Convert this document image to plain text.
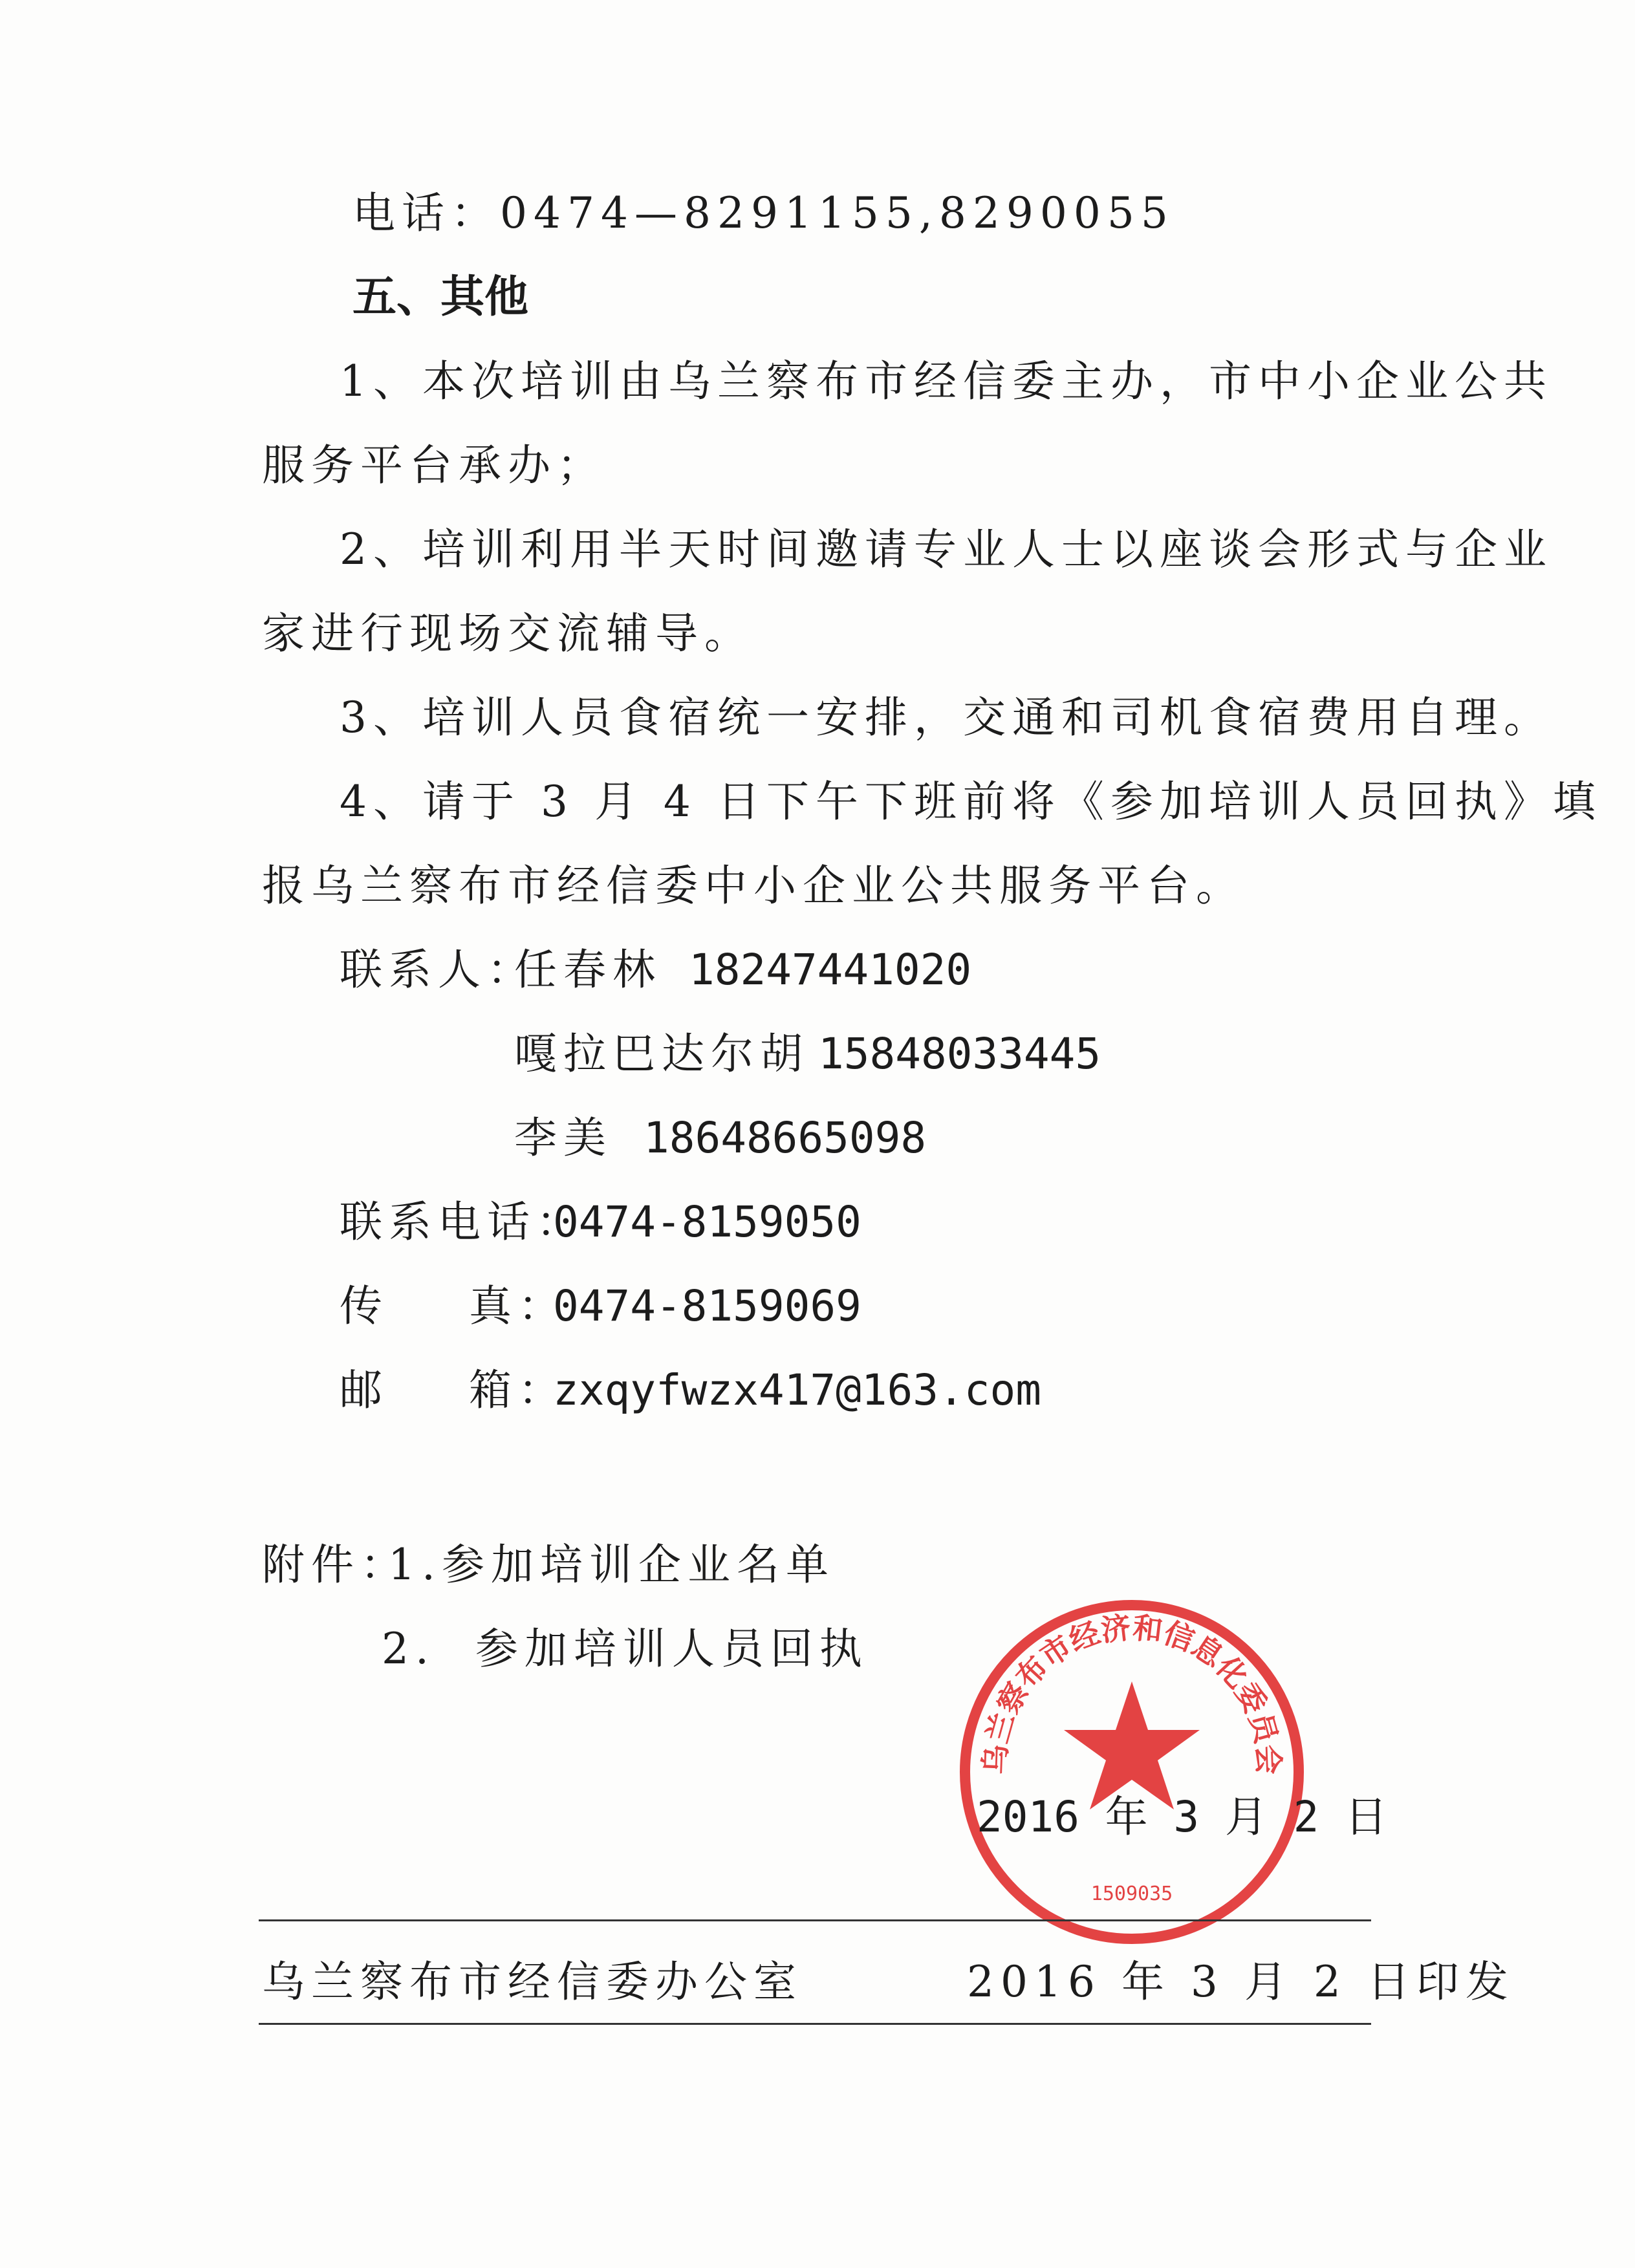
电话：0474—8291155,8290055
五、其他
1、本次培训由乌兰察布市经信委主办，市中小企业公共
服务平台承办；
2、培训利用半天时间邀请专业人士以座谈会形式与企业
家进行现场交流辅导。
3、培训人员食宿统一安排，交通和司机食宿费用自理。
4、请于 3 月 4 日下午下班前将《参加培训人员回执》填
报乌兰察布市经信委中小企业公共服务平台。
联系人：
任春林 18247441020
嘎拉巴达尔胡 15848033445
李美 18648665098
联系电话：
0474-8159050
传 真：
0474-8159069
邮 箱：
zxqyfwzx417@163.com
附件：
1.参加培训企业名单
2.  参加培训人员回执
乌兰察布市经济和信息化委员会
1509035
2016 年 3 月 2 日
乌兰察布市经信委办公室	2016 年 3 月 2 日印发
